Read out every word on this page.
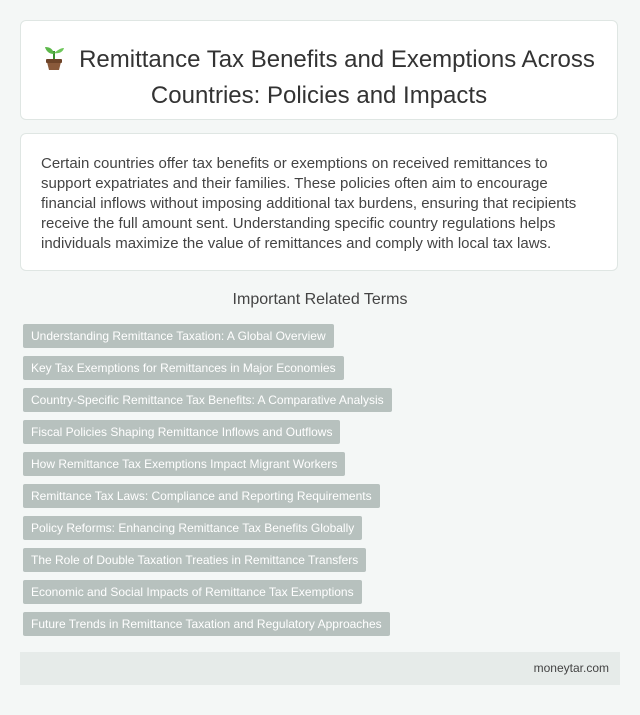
Remittance Tax Benefits and Exemptions Across Countries: Policies and Impacts
Certain countries offer tax benefits or exemptions on received remittances to support expatriates and their families. These policies often aim to encourage financial inflows without imposing additional tax burdens, ensuring that recipients receive the full amount sent. Understanding specific country regulations helps individuals maximize the value of remittances and comply with local tax laws.
Important Related Terms
Understanding Remittance Taxation: A Global Overview
Key Tax Exemptions for Remittances in Major Economies
Country-Specific Remittance Tax Benefits: A Comparative Analysis
Fiscal Policies Shaping Remittance Inflows and Outflows
How Remittance Tax Exemptions Impact Migrant Workers
Remittance Tax Laws: Compliance and Reporting Requirements
Policy Reforms: Enhancing Remittance Tax Benefits Globally
The Role of Double Taxation Treaties in Remittance Transfers
Economic and Social Impacts of Remittance Tax Exemptions
Future Trends in Remittance Taxation and Regulatory Approaches
moneytar.com
